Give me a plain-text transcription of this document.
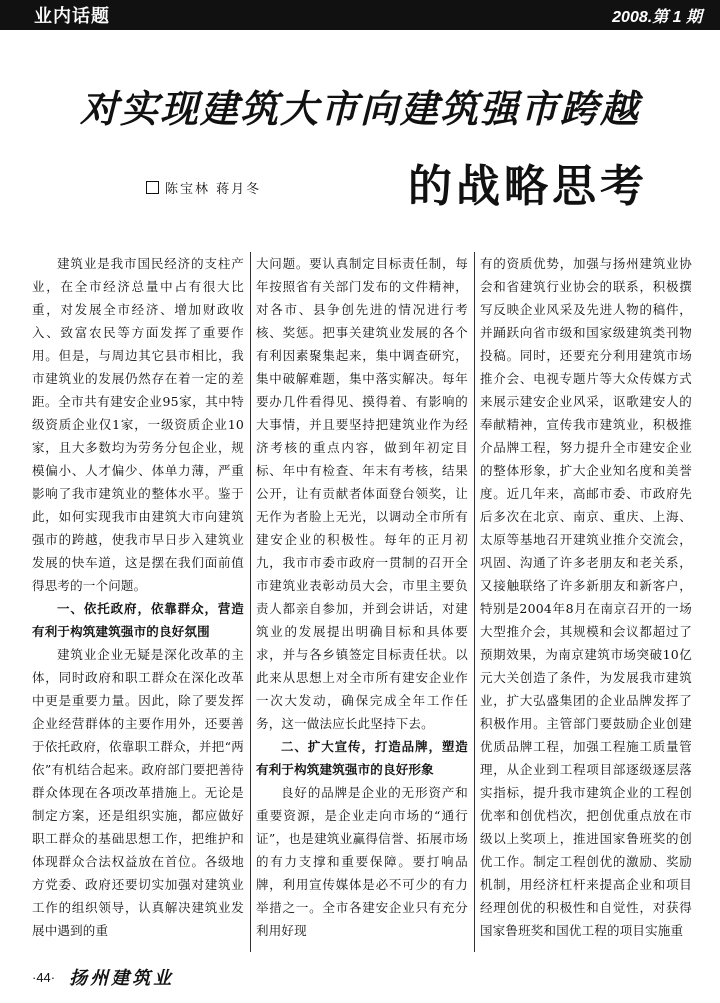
业内话题	2008.第 1 期
对实现建筑大市向建筑强市跨越
陈宝林 蒋月冬	的战略思考

建筑业是我市国民经济的支柱产业，在全市经济总量中占有很大比重，对发展全市经济、增加财政收入、致富农民等方面发挥了重要作用。但是，与周边其它县市相比，我市建筑业的发展仍然存在着一定的差距。全市共有建安企业95家，其中特级资质企业仅1家，一级资质企业10家，且大多数均为劳务分包企业，规模偏小、人才偏少、体单力薄，严重影响了我市建筑业的整体水平。鉴于此，如何实现我市由建筑大市向建筑强市的跨越，使我市早日步入建筑业发展的快车道，这是摆在我们面前值得思考的一个问题。

一、依托政府，依靠群众，营造有利于构筑建筑强市的良好氛围

建筑业企业无疑是深化改革的主体，同时政府和职工群众在深化改革中更是重要力量。因此，除了要发挥企业经营群体的主要作用外，还要善于依托政府，依靠职工群众，并把“两依”有机结合起来。政府部门要把善待群众体现在各项改革措施上。无论是制定方案，还是组织实施，都应做好职工群众的基础思想工作，把维护和体现群众合法权益放在首位。各级地方党委、政府还要切实加强对建筑业工作的组织领导，认真解决建筑业发展中遇到的重

大问题。要认真制定目标责任制，每年按照省有关部门发布的文件精神，对各市、县争创先进的情况进行考核、奖惩。把事关建筑业发展的各个有利因素聚集起来，集中调查研究，集中破解难题，集中落实解决。每年要办几件看得见、摸得着、有影响的大事情，并且要坚持把建筑业作为经济考核的重点内容，做到年初定目标、年中有检查、年末有考核，结果公开，让有贡献者体面登台领奖，让无作为者脸上无光，以调动全市所有建安企业的积极性。每年的正月初九，我市市委市政府一贯制的召开全市建筑业表彰动员大会，市里主要负责人都亲自参加，并到会讲话，对建筑业的发展提出明确目标和具体要求，并与各乡镇签定目标责任状。以此来从思想上对全市所有建安企业作一次大发动，确保完成全年工作任务，这一做法应长此坚持下去。

二、扩大宣传，打造品牌，塑造有利于构筑建筑强市的良好形象

良好的品牌是企业的无形资产和重要资源，是企业走向市场的“通行证”，也是建筑业赢得信誉、拓展市场的有力支撑和重要保障。要打响品牌，利用宣传媒体是必不可少的有力举措之一。全市各建安企业只有充分利用好现

有的资质优势，加强与扬州建筑业协会和省建筑行业协会的联系，积极撰写反映企业风采及先进人物的稿件，并踊跃向省市级和国家级建筑类刊物投稿。同时，还要充分利用建筑市场推介会、电视专题片等大众传媒方式来展示建安企业风采，讴歌建安人的奉献精神，宣传我市建筑业，积极推介品牌工程，努力提升全市建安企业的整体形象，扩大企业知名度和美誉度。近几年来，高邮市委、市政府先后多次在北京、南京、重庆、上海、太原等基地召开建筑业推介交流会，巩固、沟通了许多老朋友和老关系，又接触联络了许多新朋友和新客户，特别是2004年8月在南京召开的一场大型推介会，其规模和会议都超过了预期效果，为南京建筑市场突破10亿元大关创造了条件，为发展我市建筑业，扩大弘盛集团的企业品牌发挥了积极作用。主管部门要鼓励企业创建优质品牌工程，加强工程施工质量管理，从企业到工程项目部逐级逐层落实指标，提升我市建筑企业的工程创优率和创优档次，把创优重点放在市级以上奖项上，推进国家鲁班奖的创优工作。制定工程创优的激励、奖励机制，用经济杠杆来提高企业和项目经理创优的积极性和自觉性，对获得国家鲁班奖和国优工程的项目实施重

·44· 扬州建筑业
